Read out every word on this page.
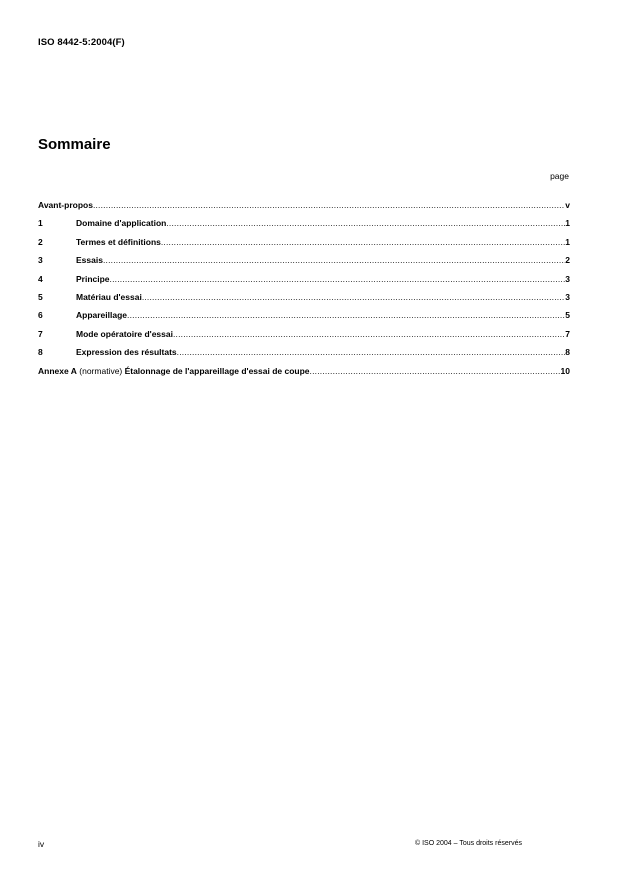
ISO 8442-5:2004(F)
Sommaire
page
Avant-propos .....	v
1	Domaine d'application .....	1
2	Termes et définitions .....	1
3	Essais .....	2
4	Principe .....	3
5	Matériau d'essai .....	3
6	Appareillage .....	5
7	Mode opératoire d'essai .....	7
8	Expression des résultats .....	8
Annexe A (normative) Étalonnage de l'appareillage d'essai de coupe .....	10
iv	© ISO 2004 – Tous droits réservés
